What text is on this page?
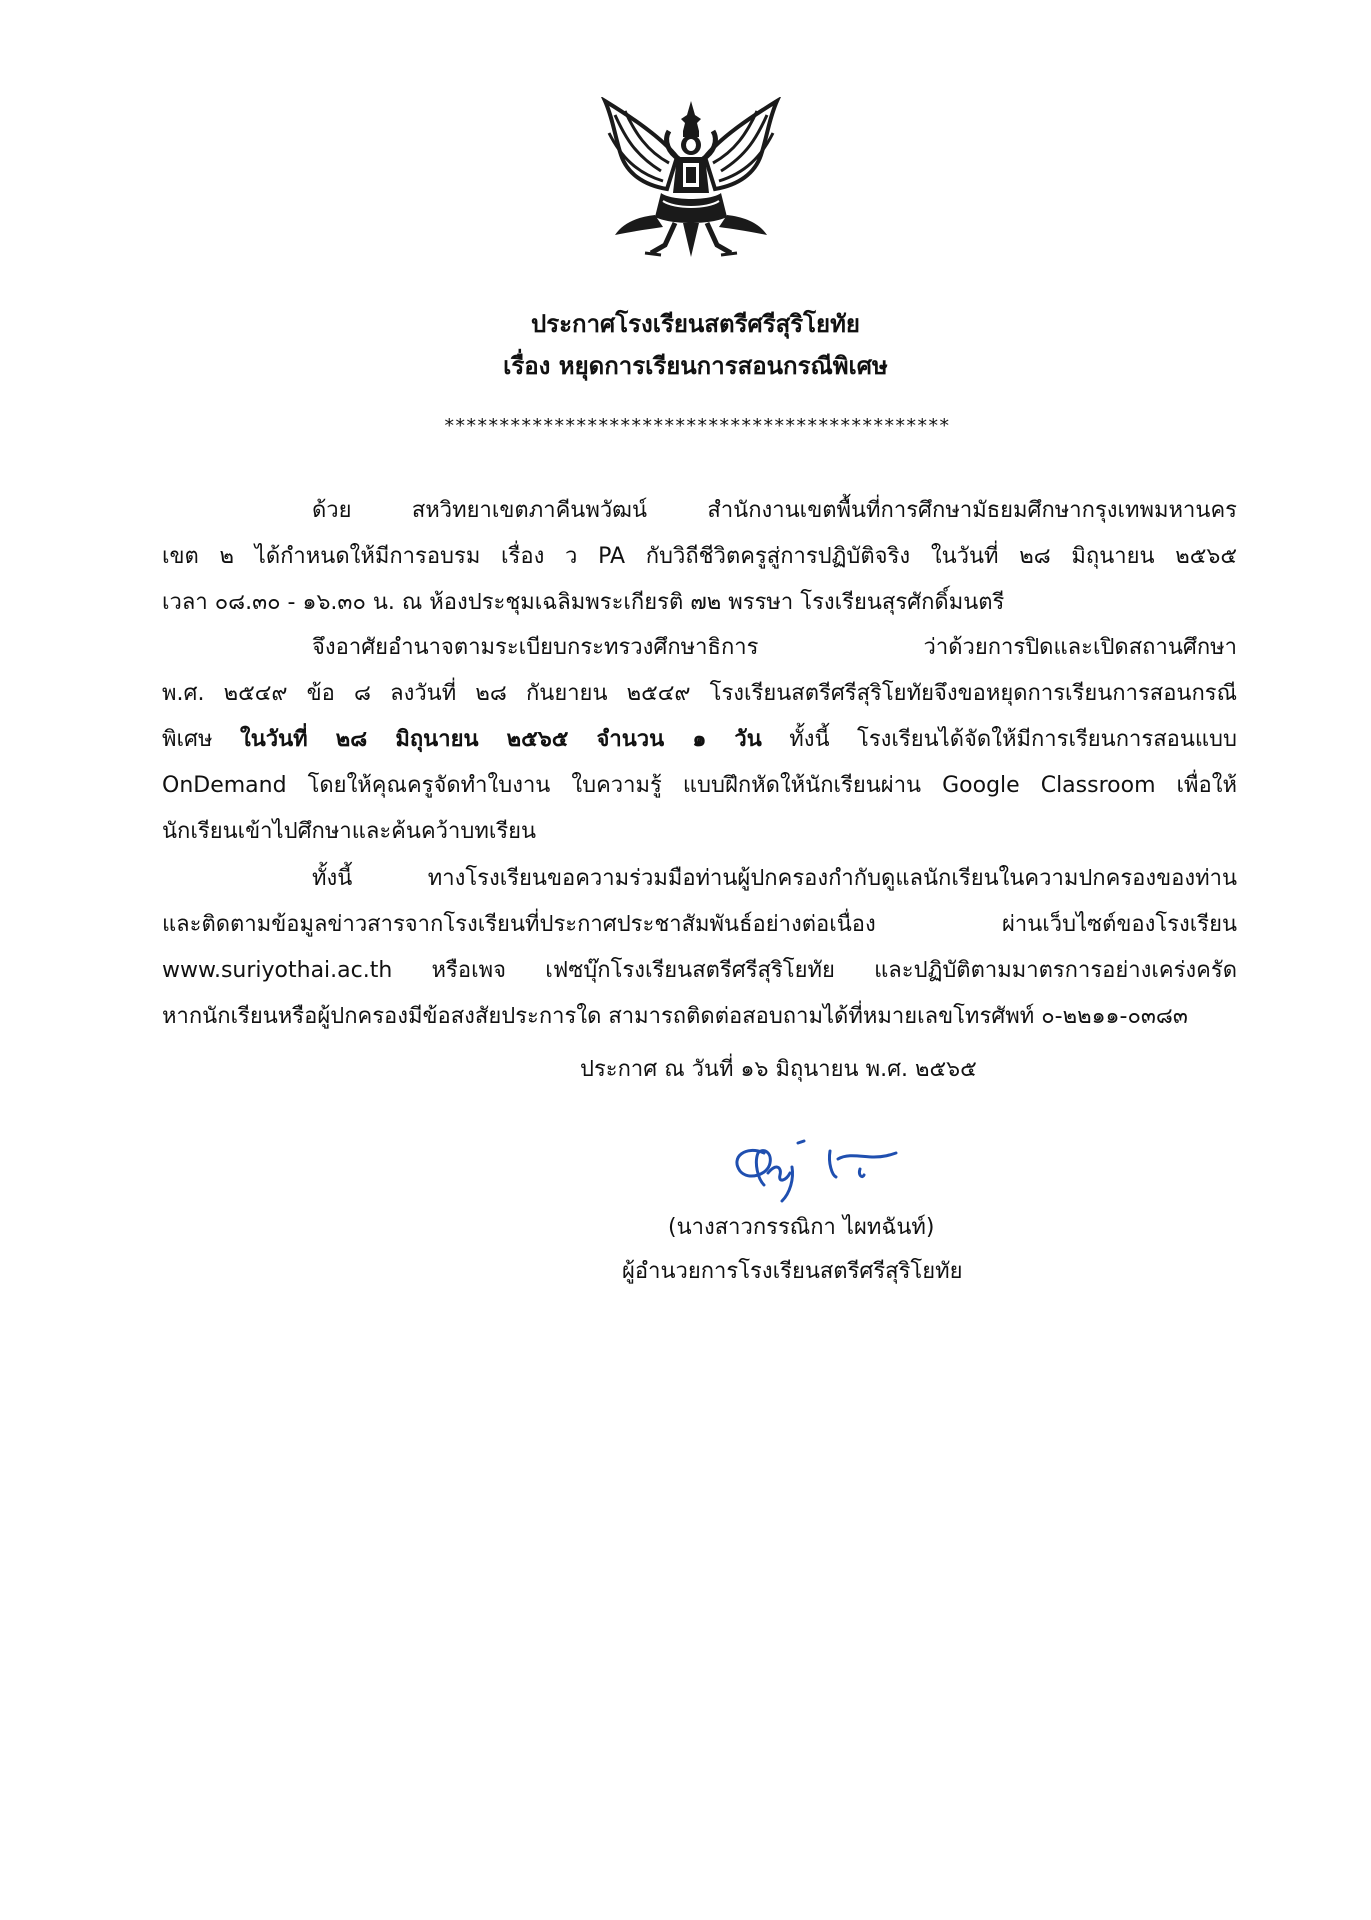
ประกาศโรงเรียนสตรีศรีสุริโยทัย
เรื่อง หยุดการเรียนการสอนกรณีพิเศษ
**********************************************
ด้วย สหวิทยาเขตภาคีนพวัฒน์ สำนักงานเขตพื้นที่การศึกษามัธยมศึกษากรุงเทพมหานคร
เขต ๒ ได้กำหนดให้มีการอบรม เรื่อง ว PA กับวิถีชีวิตครูสู่การปฏิบัติจริง ในวันที่ ๒๘ มิถุนายน ๒๕๖๕
เวลา ๐๘.๓๐ - ๑๖.๓๐ น. ณ ห้องประชุมเฉลิมพระเกียรติ ๗๒ พรรษา โรงเรียนสุรศักดิ์มนตรี
จึงอาศัยอำนาจตามระเบียบกระทรวงศึกษาธิการ ว่าด้วยการปิดและเปิดสถานศึกษา
พ.ศ. ๒๕๔๙ ข้อ ๘ ลงวันที่ ๒๘ กันยายน ๒๕๔๙ โรงเรียนสตรีศรีสุริโยทัยจึงขอหยุดการเรียนการสอนกรณี
พิเศษ ในวันที่ ๒๘ มิถุนายน ๒๕๖๕ จำนวน ๑ วัน ทั้งนี้ โรงเรียนได้จัดให้มีการเรียนการสอนแบบ
OnDemand โดยให้คุณครูจัดทำใบงาน ใบความรู้ แบบฝึกหัดให้นักเรียนผ่าน Google Classroom เพื่อให้
นักเรียนเข้าไปศึกษาและค้นคว้าบทเรียน
ทั้งนี้ ทางโรงเรียนขอความร่วมมือท่านผู้ปกครองกำกับดูแลนักเรียนในความปกครองของท่าน
และติดตามข้อมูลข่าวสารจากโรงเรียนที่ประกาศประชาสัมพันธ์อย่างต่อเนื่อง ผ่านเว็บไซต์ของโรงเรียน
www.suriyothai.ac.th หรือเพจ เฟซบุ๊กโรงเรียนสตรีศรีสุริโยทัย และปฏิบัติตามมาตรการอย่างเคร่งครัด
หากนักเรียนหรือผู้ปกครองมีข้อสงสัยประการใด สามารถติดต่อสอบถามได้ที่หมายเลขโทรศัพท์ ๐-๒๒๑๑-๐๓๘๓
ประกาศ ณ วันที่ ๑๖ มิถุนายน พ.ศ. ๒๕๖๕
(นางสาวกรรณิกา ไผทฉันท์)
ผู้อำนวยการโรงเรียนสตรีศรีสุริโยทัย
